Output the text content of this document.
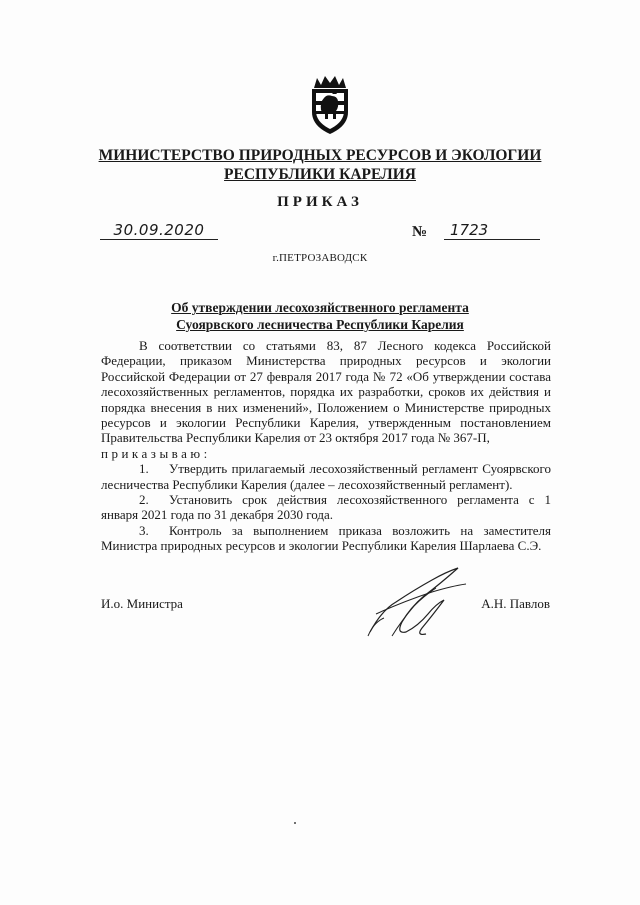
МИНИСТЕРСТВО ПРИРОДНЫХ РЕСУРСОВ И ЭКОЛОГИИ
РЕСПУБЛИКИ КАРЕЛИЯ
ПРИКАЗ
30.09.2020	№	1723
г.ПЕТРОЗАВОДСК
Об утверждении лесохозяйственного регламента
Суоярвского лесничества Республики Карелия

В соответствии со статьями 83, 87 Лесного кодекса Российской Федерации, приказом Министерства природных ресурсов и экологии Российской Федерации от 27 февраля 2017 года № 72 «Об утверждении состава лесохозяйственных регламентов, порядка их разработки, сроков их действия и порядка внесения в них изменений», Положением о Министерстве природных ресурсов и экологии Республики Карелия, утвержденным постановлением Правительства Республики Карелия от 23 октября 2017 года № 367-П,

приказываю:

1. Утвердить прилагаемый лесохозяйственный регламент Суоярвского лесничества Республики Карелия (далее – лесохозяйственный регламент).

2. Установить срок действия лесохозяйственного регламента с 1 января 2021 года по 31 декабря 2030 года.

3. Контроль за выполнением приказа возложить на заместителя Министра природных ресурсов и экологии Республики Карелия Шарлаева С.Э.

И.о. Министра	А.Н. Павлов
